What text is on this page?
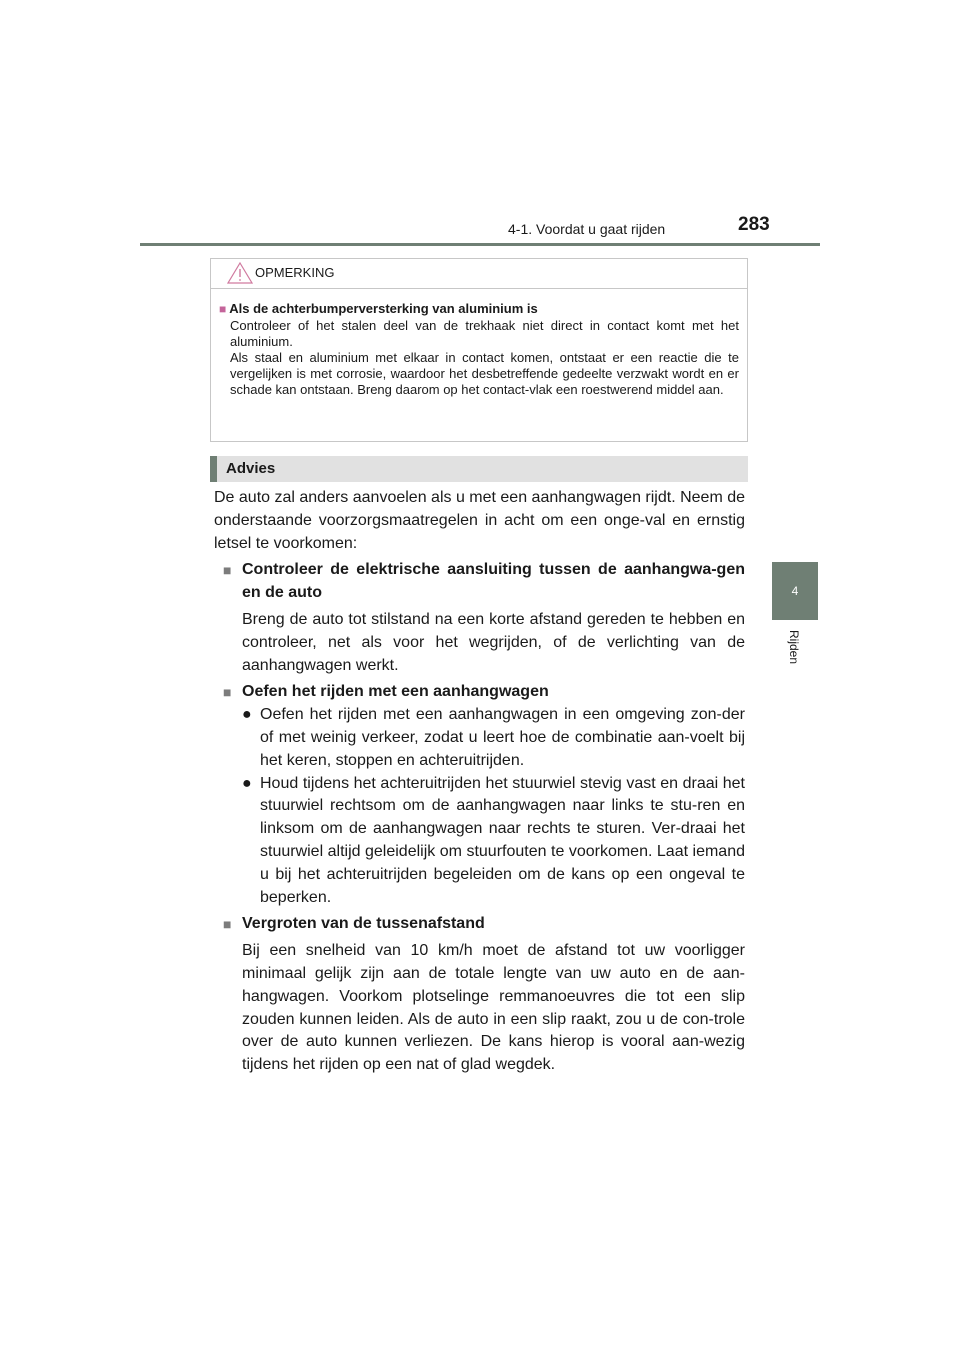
4-1. Voordat u gaat rijden	283
4
Rijden
OPMERKING
■ Als de achterbumperversterking van aluminium is
Controleer of het stalen deel van de trekhaak niet direct in contact komt met het aluminium.
Als staal en aluminium met elkaar in contact komen, ontstaat er een reactie die te vergelijken is met corrosie, waardoor het desbetreffende gedeelte verzwakt wordt en er schade kan ontstaan. Breng daarom op het contact-vlak een roestwerend middel aan.
Advies

De auto zal anders aanvoelen als u met een aanhangwagen rijdt. Neem de onderstaande voorzorgsmaatregelen in acht om een onge-val en ernstig letsel te voorkomen:

■ Controleer de elektrische aansluiting tussen de aanhangwa-gen en de auto

Breng de auto tot stilstand na een korte afstand gereden te hebben en controleer, net als voor het wegrijden, of de verlichting van de aanhangwagen werkt.

■ Oefen het rijden met een aanhangwagen

● Oefen het rijden met een aanhangwagen in een omgeving zon-der of met weinig verkeer, zodat u leert hoe de combinatie aan-voelt bij het keren, stoppen en achteruitrijden.

● Houd tijdens het achteruitrijden het stuurwiel stevig vast en draai het stuurwiel rechtsom om de aanhangwagen naar links te stu-ren en linksom om de aanhangwagen naar rechts te sturen. Ver-draai het stuurwiel altijd geleidelijk om stuurfouten te voorkomen. Laat iemand u bij het achteruitrijden begeleiden om de kans op een ongeval te beperken.

■ Vergroten van de tussenafstand

Bij een snelheid van 10 km/h moet de afstand tot uw voorligger minimaal gelijk zijn aan de totale lengte van uw auto en de aan-hangwagen. Voorkom plotselinge remmanoeuvres die tot een slip zouden kunnen leiden. Als de auto in een slip raakt, zou u de con-trole over de auto kunnen verliezen. De kans hierop is vooral aan-wezig tijdens het rijden op een nat of glad wegdek.
